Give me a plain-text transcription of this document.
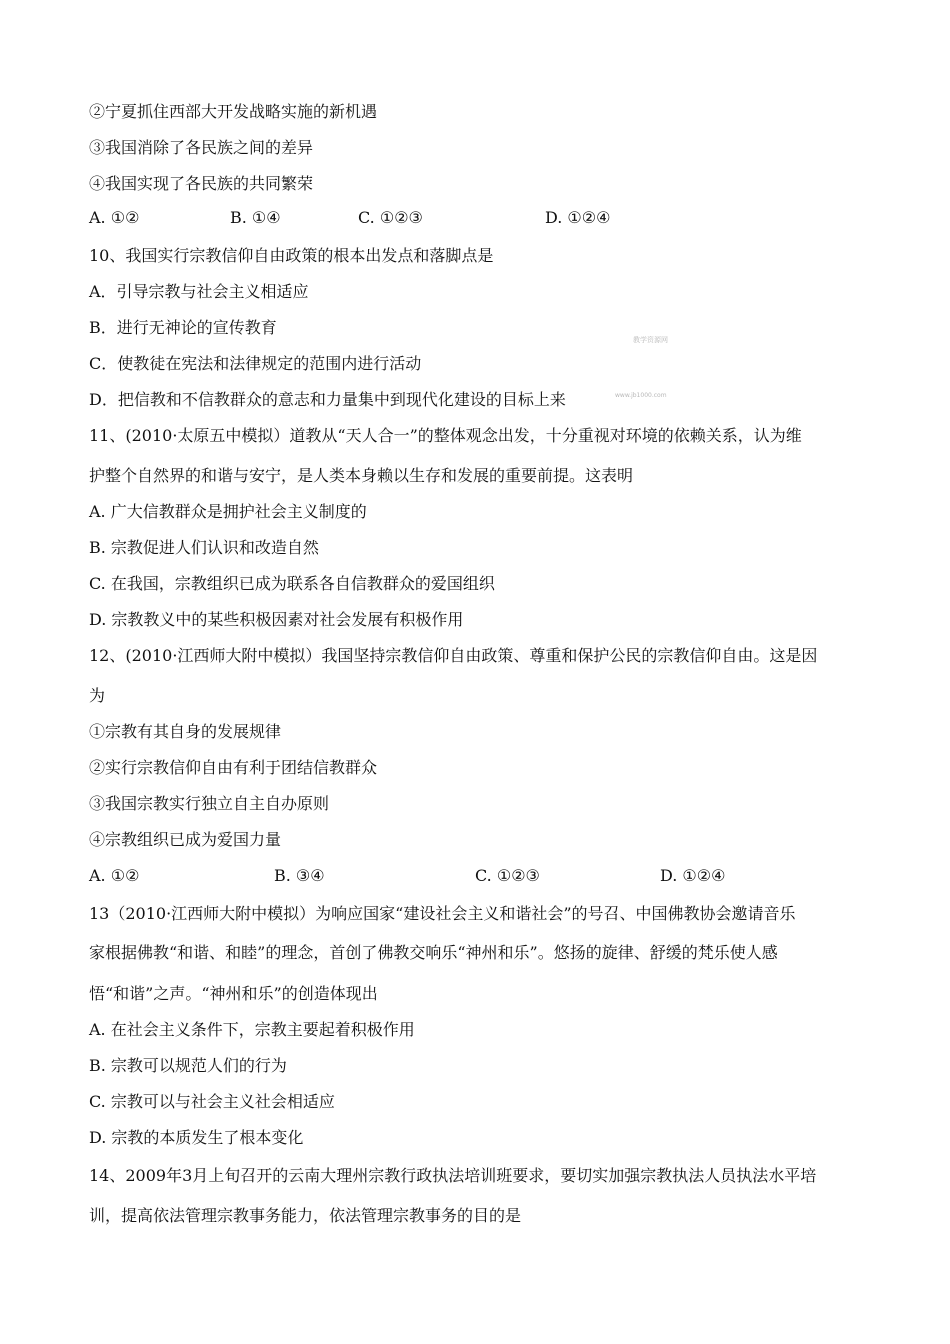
②宁夏抓住西部大开发战略实施的新机遇
③我国消除了各民族之间的差异
④我国实现了各民族的共同繁荣
A. ①②	B. ①④	C. ①②③	D. ①②④
10、我国实行宗教信仰自由政策的根本出发点和落脚点是
A．引导宗教与社会主义相适应
B．进行无神论的宣传教育
C．使教徒在宪法和法律规定的范围内进行活动
D．把信教和不信教群众的意志和力量集中到现代化建设的目标上来
教学资源网
www.jb1000.com
11、(2010·太原五中模拟）道教从“天人合一”的整体观念出发，十分重视对环境的依赖关系，认为维
护整个自然界的和谐与安宁，是人类本身赖以生存和发展的重要前提。这表明
A. 广大信教群众是拥护社会主义制度的
B. 宗教促进人们认识和改造自然
C. 在我国，宗教组织已成为联系各自信教群众的爱国组织
D. 宗教教义中的某些积极因素对社会发展有积极作用
12、(2010·江西师大附中模拟）我国坚持宗教信仰自由政策、尊重和保护公民的宗教信仰自由。这是因
为
①宗教有其自身的发展规律
②实行宗教信仰自由有利于团结信教群众
③我国宗教实行独立自主自办原则
④宗教组织已成为爱国力量
A. ①②	B. ③④	C. ①②③	D. ①②④
13（2010·江西师大附中模拟）为响应国家“建设社会主义和谐社会”的号召、中国佛教协会邀请音乐
家根据佛教“和谐、和睦”的理念，首创了佛教交响乐“神州和乐”。悠扬的旋律、舒缓的梵乐使人感
悟“和谐”之声。“神州和乐”的创造体现出
A. 在社会主义条件下，宗教主要起着积极作用
B. 宗教可以规范人们的行为
C. 宗教可以与社会主义社会相适应
D. 宗教的本质发生了根本变化
14、2009年3月上旬召开的云南大理州宗教行政执法培训班要求，要切实加强宗教执法人员执法水平培
训，提高依法管理宗教事务能力，依法管理宗教事务的目的是
